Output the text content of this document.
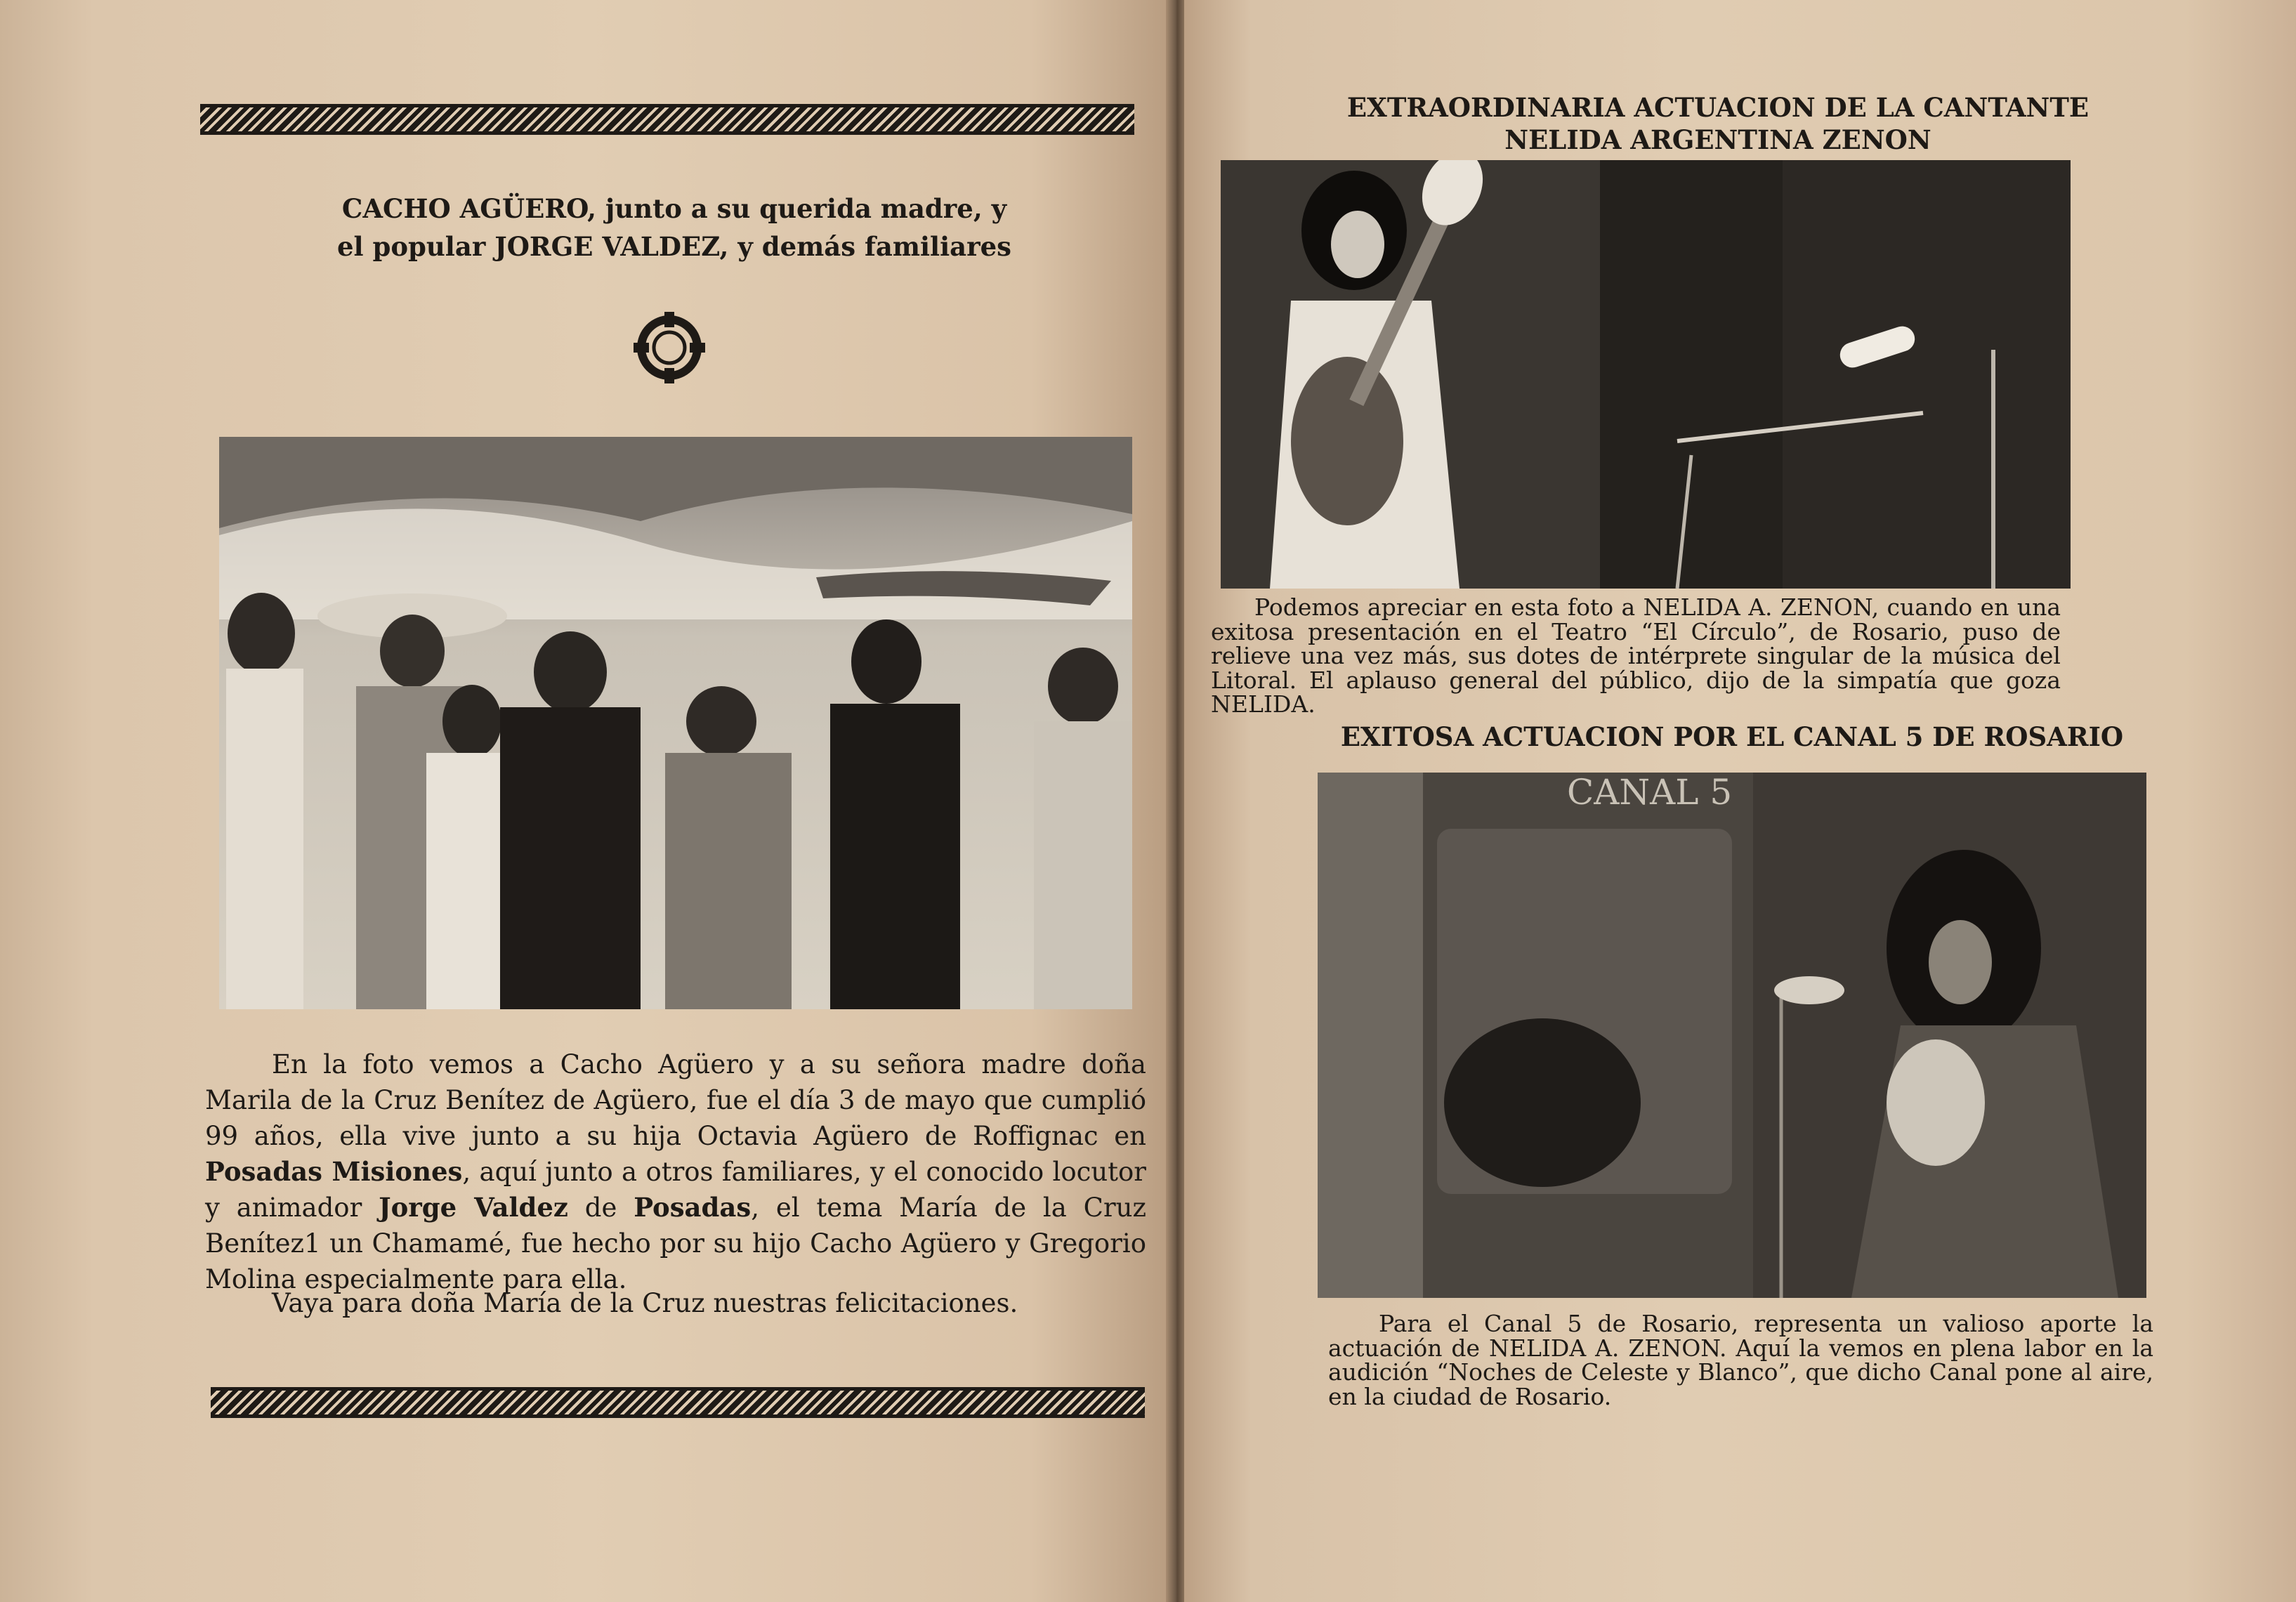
CACHO AGÜERO, junto a su querida madre, y
el popular JORGE VALDEZ, y demás familiares
En la foto vemos a Cacho Agüero y a su señora madre doña Marila de la Cruz Benítez de Agüero, fue el día 3 de mayo que cumplió 99 años, ella vive junto a su hija Octavia Agüero de Roffignac en Posadas Misiones, aquí junto a otros familiares, y el conocido locutor y animador Jorge Valdez de Posadas, el tema María de la Cruz Benítez1 un Chamamé, fue hecho por su hijo Cacho Agüero y Gregorio Molina especialmente para ella.
Vaya para doña María de la Cruz nuestras felicitaciones.
EXTRAORDINARIA ACTUACION DE LA CANTANTE
NELIDA ARGENTINA ZENON
Podemos apreciar en esta foto a NELIDA A. ZENON, cuando en una exitosa presentación en el Teatro “El Círculo”, de Rosario, puso de relieve una vez más, sus dotes de intérprete singular de la música del Litoral. El aplauso general del público, dijo de la simpatía que goza NELIDA.
EXITOSA ACTUACION POR EL CANAL 5 DE ROSARIO
CANAL 5
Para el Canal 5 de Rosario, representa un valioso aporte la actuación de NELIDA A. ZENON. Aquí la vemos en plena labor en la audición “Noches de Celeste y Blanco”, que dicho Canal pone al aire, en la ciudad de Rosario.
